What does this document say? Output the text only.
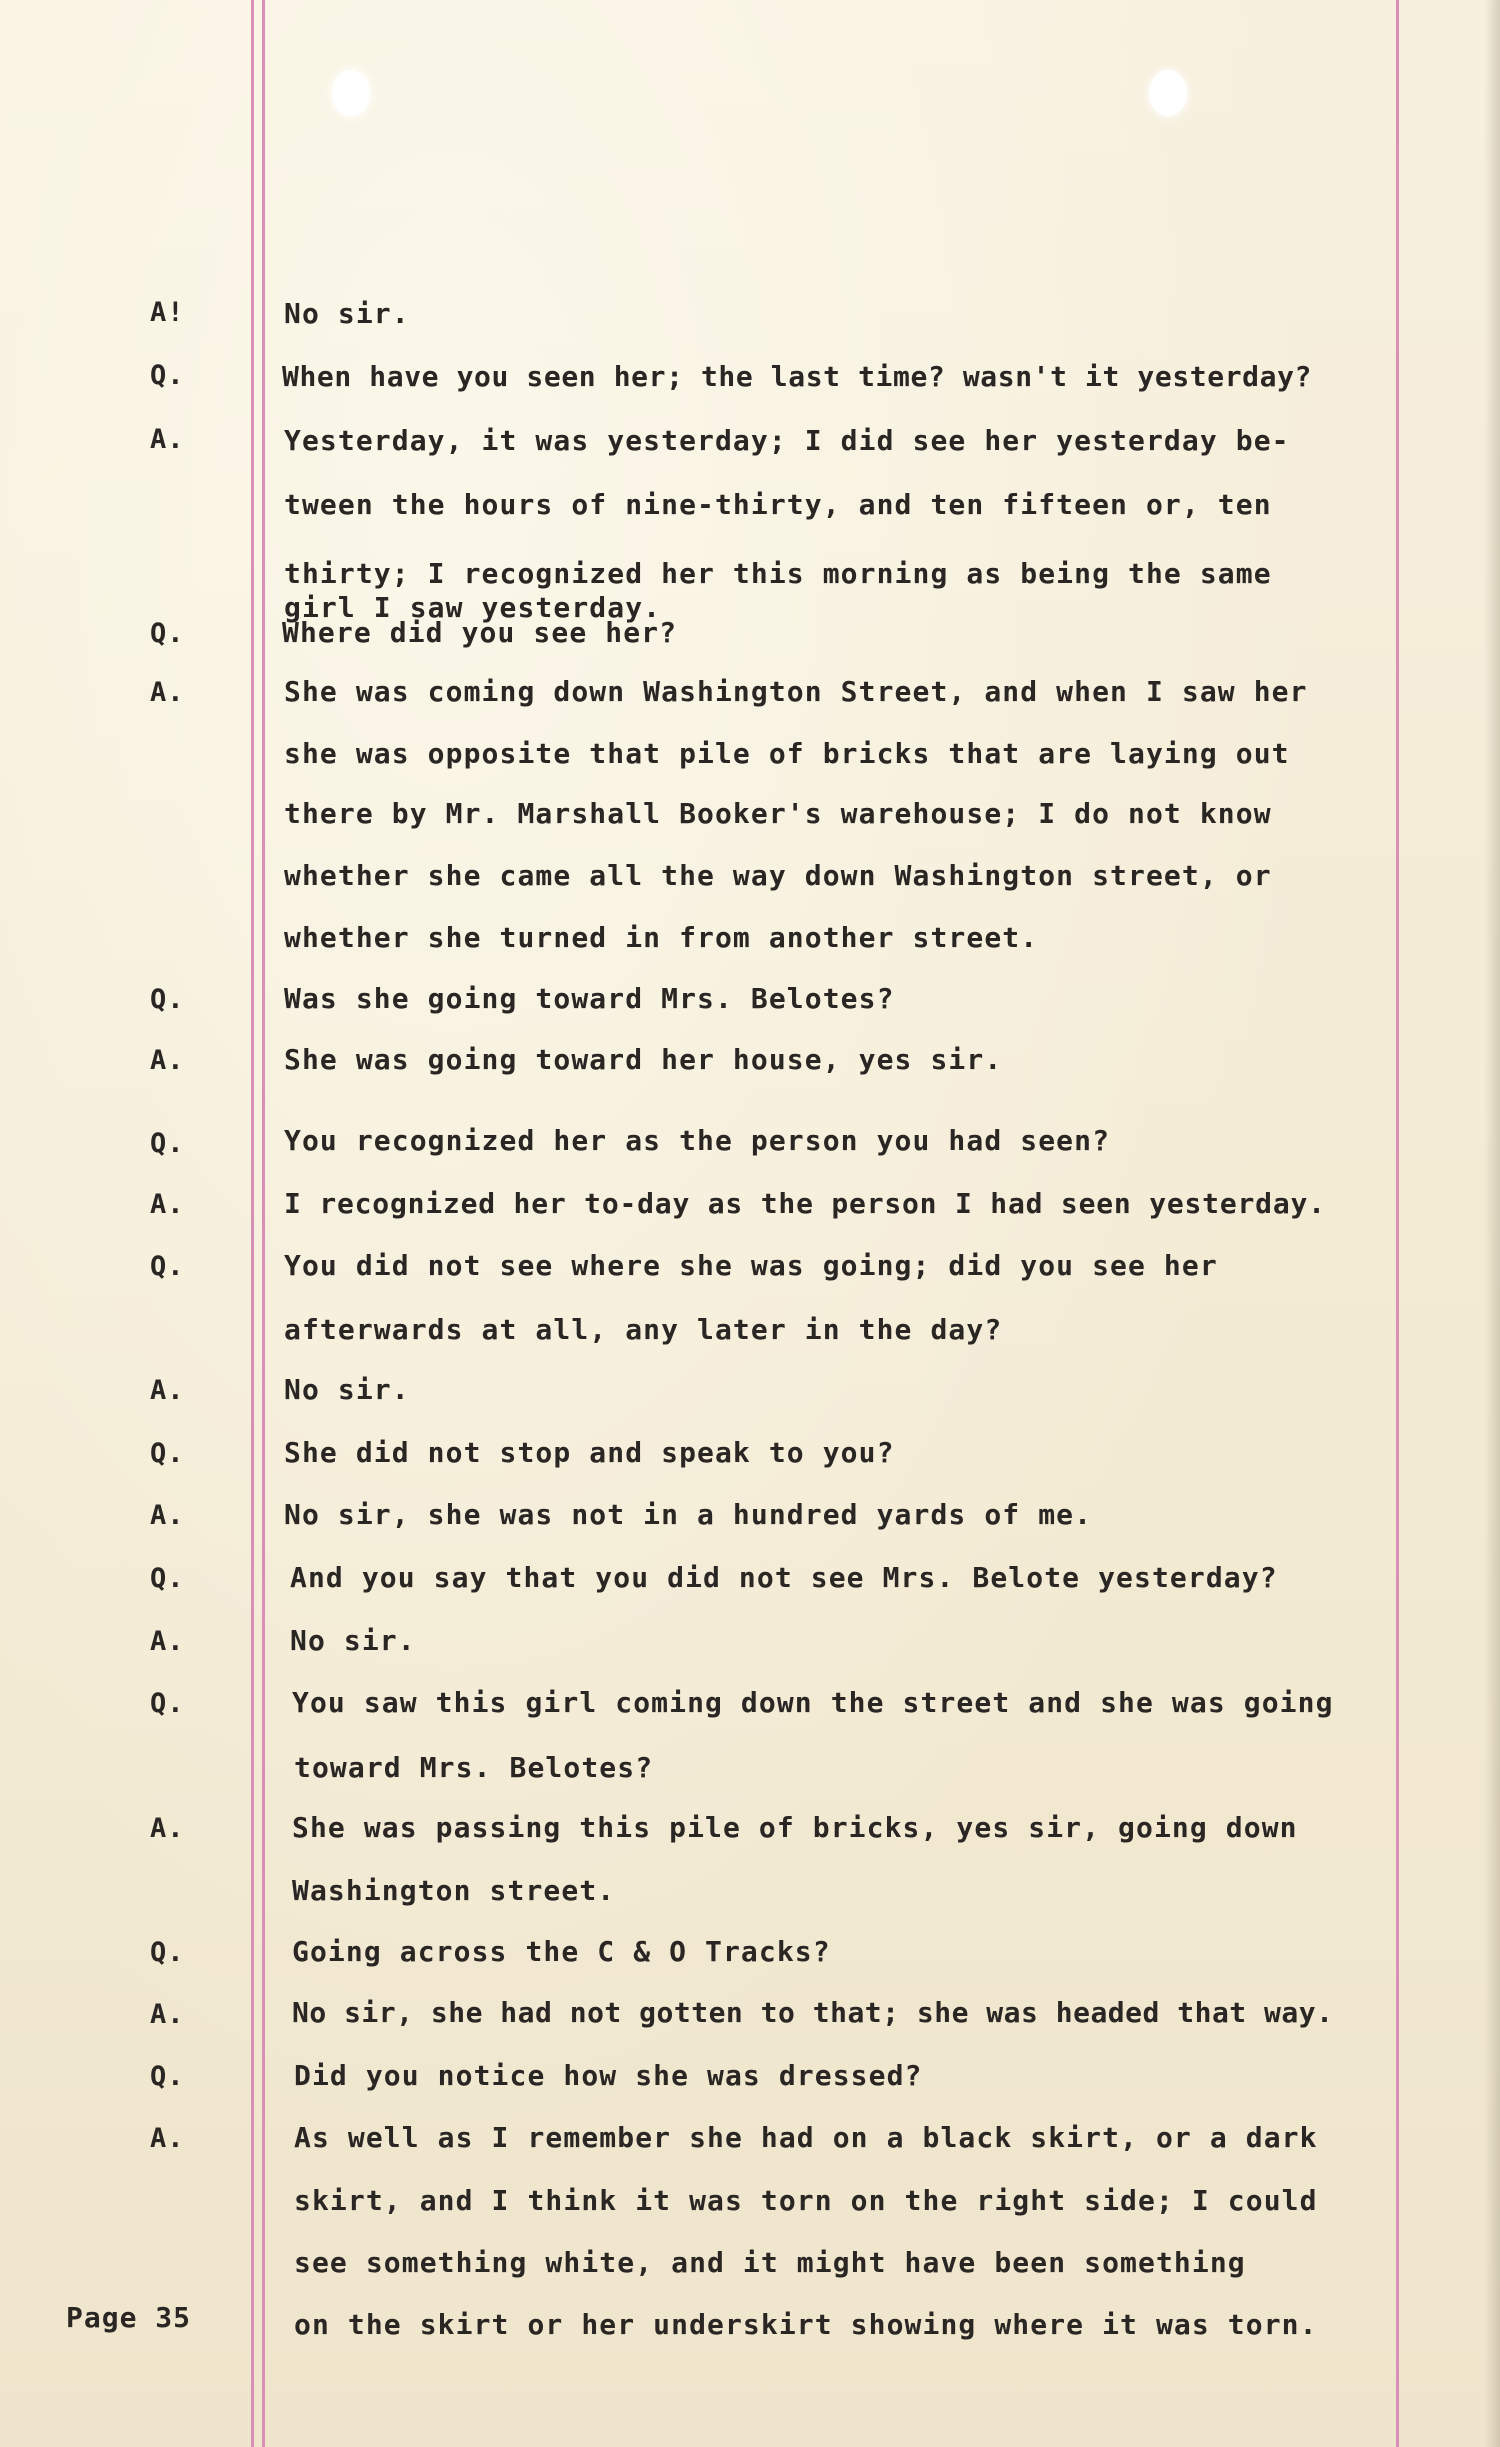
A!	No sir.
Q.	When have you seen her; the last time? wasn't it yesterday?
A.	Yesterday, it was yesterday; I did see her yesterday be-
tween the hours of nine-thirty, and ten fifteen or, ten
thirty; I recognized her this morning as being the same
girl I saw yesterday.
Q.	Where did you see her?
A.	She was coming down Washington Street, and when I saw her
she was opposite that pile of bricks that are laying out
there by Mr. Marshall Booker's warehouse; I do not know
whether she came all the way down Washington street, or
whether she turned in from another street.
Q.	Was she going toward Mrs. Belotes?
A.	She was going toward her house, yes sir.
Q.	You recognized her as the person you had seen?
A.	I recognized her to-day as the person I had seen yesterday.
Q.	You did not see where she was going; did you see her
afterwards at all, any later in the day?
A.	No sir.
Q.	She did not stop and speak to you?
A.	No sir, she was not in a hundred yards of me.
Q.	And you say that you did not see Mrs. Belote yesterday?
A.	No sir.
Q.	You saw this girl coming down the street and she was going
toward Mrs. Belotes?
A.	She was passing this pile of bricks, yes sir, going down
Washington street.
Q.	Going across the C & O Tracks?
A.	No sir, she had not gotten to that; she was headed that way.
Q.	Did you notice how she was dressed?
A.	As well as I remember she had on a black skirt, or a dark
skirt, and I think it was torn on the right side; I could
see something white, and it might have been something
on the skirt or her underskirt showing where it was torn.
Page 35
